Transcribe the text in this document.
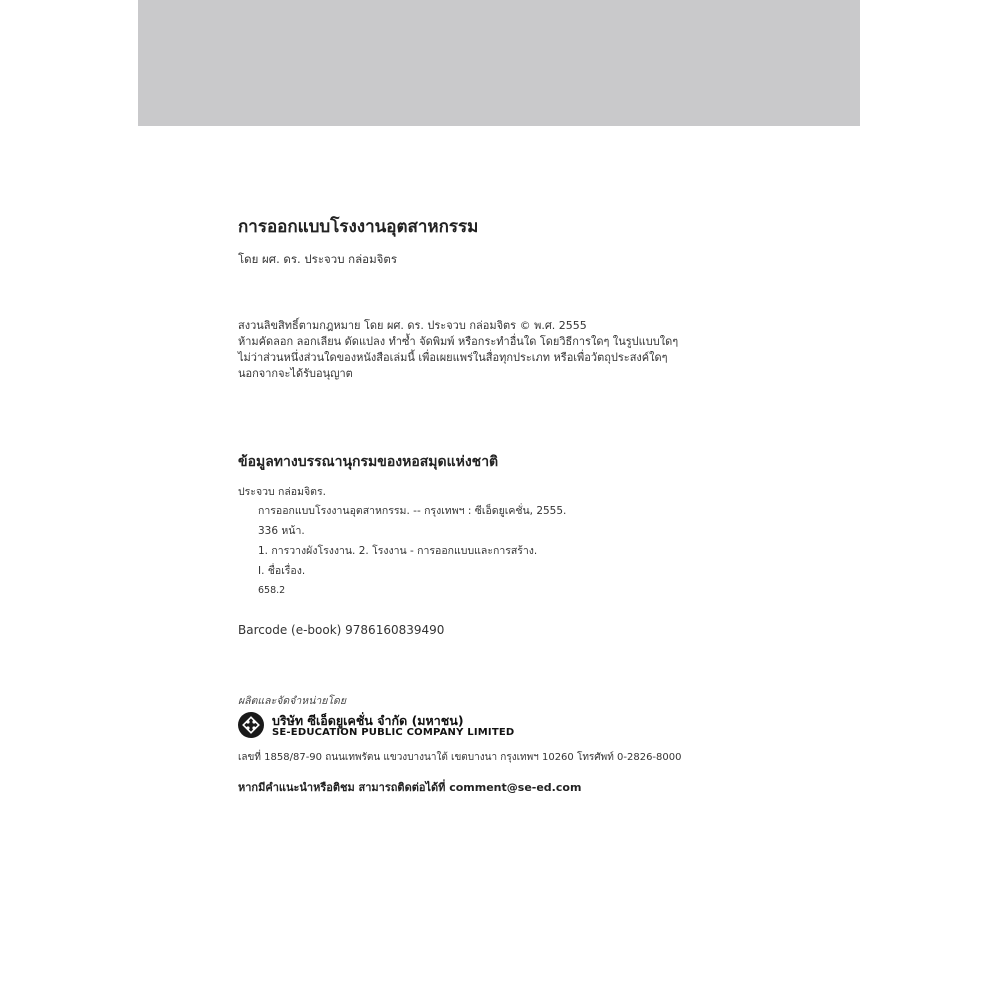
การออกแบบโรงงานอุตสาหกรรม
โดย ผศ. ดร. ประจวบ กล่อมจิตร
สงวนลิขสิทธิ์ตามกฎหมาย โดย ผศ. ดร. ประจวบ กล่อมจิตร © พ.ศ. 2555
ห้ามคัดลอก ลอกเลียน ดัดแปลง ทำซ้ำ จัดพิมพ์ หรือกระทำอื่นใด โดยวิธีการใดๆ ในรูปแบบใดๆ
ไม่ว่าส่วนหนึ่งส่วนใดของหนังสือเล่มนี้ เพื่อเผยแพร่ในสื่อทุกประเภท หรือเพื่อวัตถุประสงค์ใดๆ
นอกจากจะได้รับอนุญาต
ข้อมูลทางบรรณานุกรมของหอสมุดแห่งชาติ
ประจวบ กล่อมจิตร.
การออกแบบโรงงานอุตสาหกรรม. -- กรุงเทพฯ : ซีเอ็ดยูเคชั่น, 2555.
336 หน้า.
1. การวางผังโรงงาน. 2. โรงงาน - การออกแบบและการสร้าง.
I. ชื่อเรื่อง.
658.2
Barcode (e-book) 9786160839490
ผลิตและจัดจำหน่ายโดย
บริษัท ซีเอ็ดยูเคชั่น จำกัด (มหาชน)
SE-EDUCATION PUBLIC COMPANY LIMITED
เลขที่ 1858/87-90 ถนนเทพรัตน แขวงบางนาใต้ เขตบางนา กรุงเทพฯ 10260 โทรศัพท์ 0-2826-8000
หากมีคำแนะนำหรือติชม สามารถติดต่อได้ที่ comment@se-ed.com
